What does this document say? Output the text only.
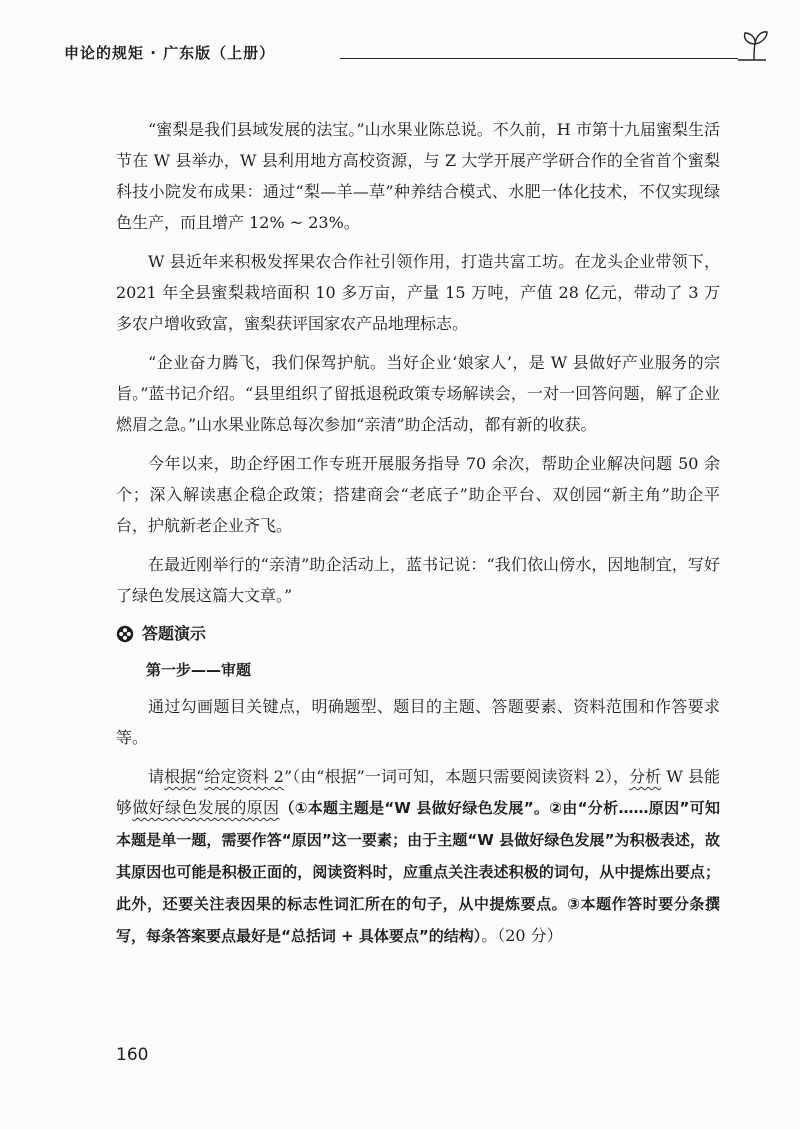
申论的规矩 · 广东版（上册）

“蜜梨是我们县域发展的法宝。”山水果业陈总说。不久前，H 市第十九届蜜梨生活节在 W 县举办，W 县利用地方高校资源，与 Z 大学开展产学研合作的全省首个蜜梨科技小院发布成果：通过“梨—羊—草”种养结合模式、水肥一体化技术，不仅实现绿色生产，而且增产 12% ~ 23%。

W 县近年来积极发挥果农合作社引领作用，打造共富工坊。在龙头企业带领下，2021 年全县蜜梨栽培面积 10 多万亩，产量 15 万吨，产值 28 亿元，带动了 3 万多农户增收致富，蜜梨获评国家农产品地理标志。

“企业奋力腾飞，我们保驾护航。当好企业‘娘家人’，是 W 县做好产业服务的宗旨。”蓝书记介绍。“县里组织了留抵退税政策专场解读会，一对一回答问题，解了企业燃眉之急。”山水果业陈总每次参加“亲清”助企活动，都有新的收获。

今年以来，助企纾困工作专班开展服务指导 70 余次，帮助企业解决问题 50 余个；深入解读惠企稳企政策；搭建商会“老底子”助企平台、双创园“新主角”助企平台，护航新老企业齐飞。

在最近刚举行的“亲清”助企活动上，蓝书记说：“我们依山傍水，因地制宜，写好了绿色发展这篇大文章。”

答题演示
第一步——审题

通过勾画题目关键点，明确题型、题目的主题、答题要素、资料范围和作答要求等。

请根据“给定资料 2”（由“根据”一词可知，本题只需要阅读资料 2），分析 W 县能够做好绿色发展的原因（①本题主题是“W 县做好绿色发展”。②由“分析……原因”可知本题是单一题，需要作答“原因”这一要素；由于主题“W 县做好绿色发展”为积极表述，故其原因也可能是积极正面的，阅读资料时，应重点关注表述积极的词句，从中提炼出要点；此外，还要关注表因果的标志性词汇所在的句子，从中提炼要点。③本题作答时要分条撰写，每条答案要点最好是“总括词 + 具体要点”的结构）。（20 分）

160
